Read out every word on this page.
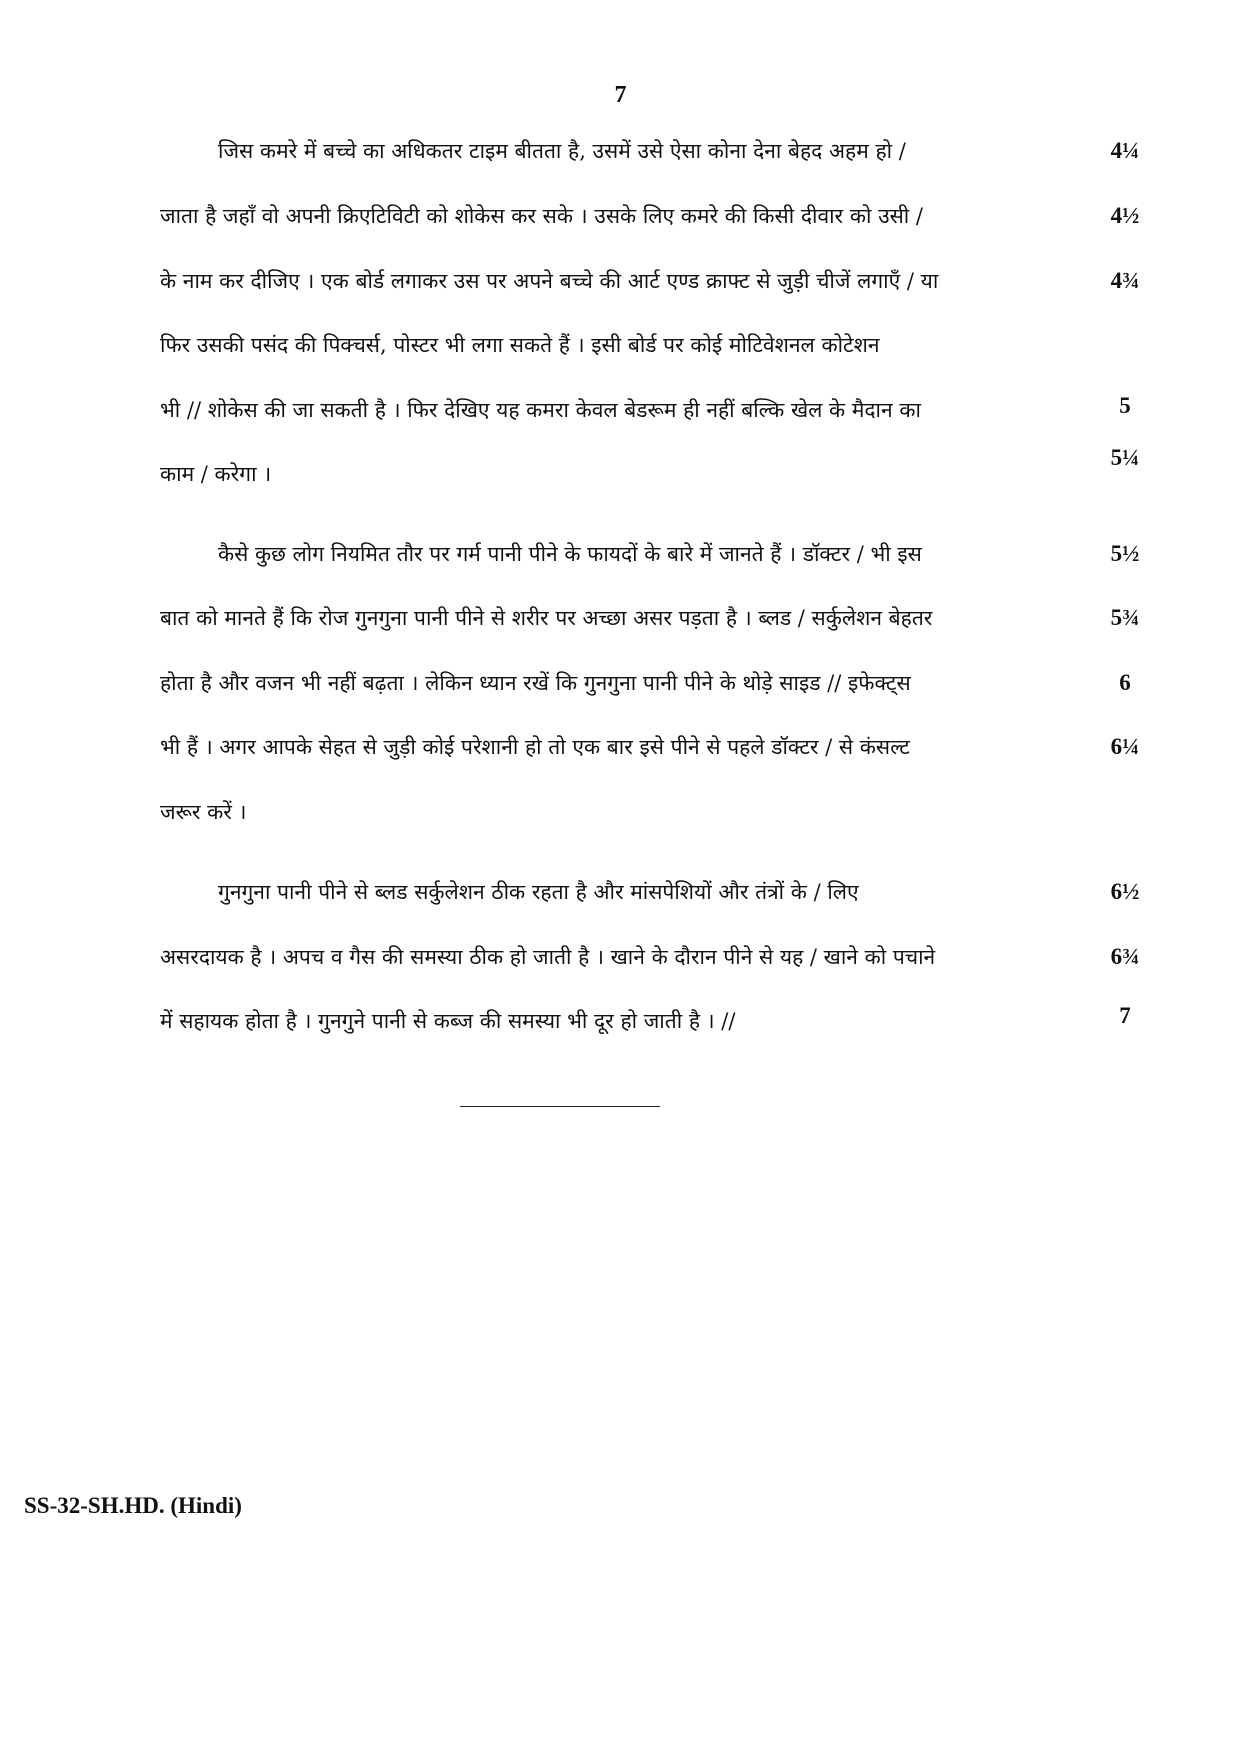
7
जिस कमरे में बच्चे का अधिकतर टाइम बीतता है, उसमें उसे ऐसा कोना देना बेहद अहम हो /
जाता है जहाँ वो अपनी क्रिएटिविटी को शोकेस कर सके । उसके लिए कमरे की किसी दीवार को उसी /
के नाम कर दीजिए । एक बोर्ड लगाकर उस पर अपने बच्चे की आर्ट एण्ड क्राफ्ट से जुड़ी चीजें लगाएँ / या
फिर उसकी पसंद की पिक्चर्स, पोस्टर भी लगा सकते हैं । इसी बोर्ड पर कोई मोटिवेशनल कोटेशन
भी // शोकेस की जा सकती है । फिर देखिए यह कमरा केवल बेडरूम ही नहीं बल्कि खेल के मैदान का
काम / करेगा ।
कैसे कुछ लोग नियमित तौर पर गर्म पानी पीने के फायदों के बारे में जानते हैं । डॉक्टर / भी इस
बात को मानते हैं कि रोज गुनगुना पानी पीने से शरीर पर अच्छा असर पड़ता है । ब्लड / सर्कुलेशन बेहतर
होता है और वजन भी नहीं बढ़ता । लेकिन ध्यान रखें कि गुनगुना पानी पीने के थोड़े साइड // इफेक्ट्स
भी हैं । अगर आपके सेहत से जुड़ी कोई परेशानी हो तो एक बार इसे पीने से पहले डॉक्टर / से कंसल्ट
जरूर करें ।
गुनगुना पानी पीने से ब्लड सर्कुलेशन ठीक रहता है और मांसपेशियों और तंत्रों के / लिए
असरदायक है । अपच व गैस की समस्या ठीक हो जाती है । खाने के दौरान पीने से यह / खाने को पचाने
में सहायक होता है । गुनगुने पानी से कब्ज की समस्या भी दूर हो जाती है । //
4¼
4½
4¾
5
5¼
5½
5¾
6
6¼
6½
6¾
7
SS-32-SH.HD. (Hindi)
